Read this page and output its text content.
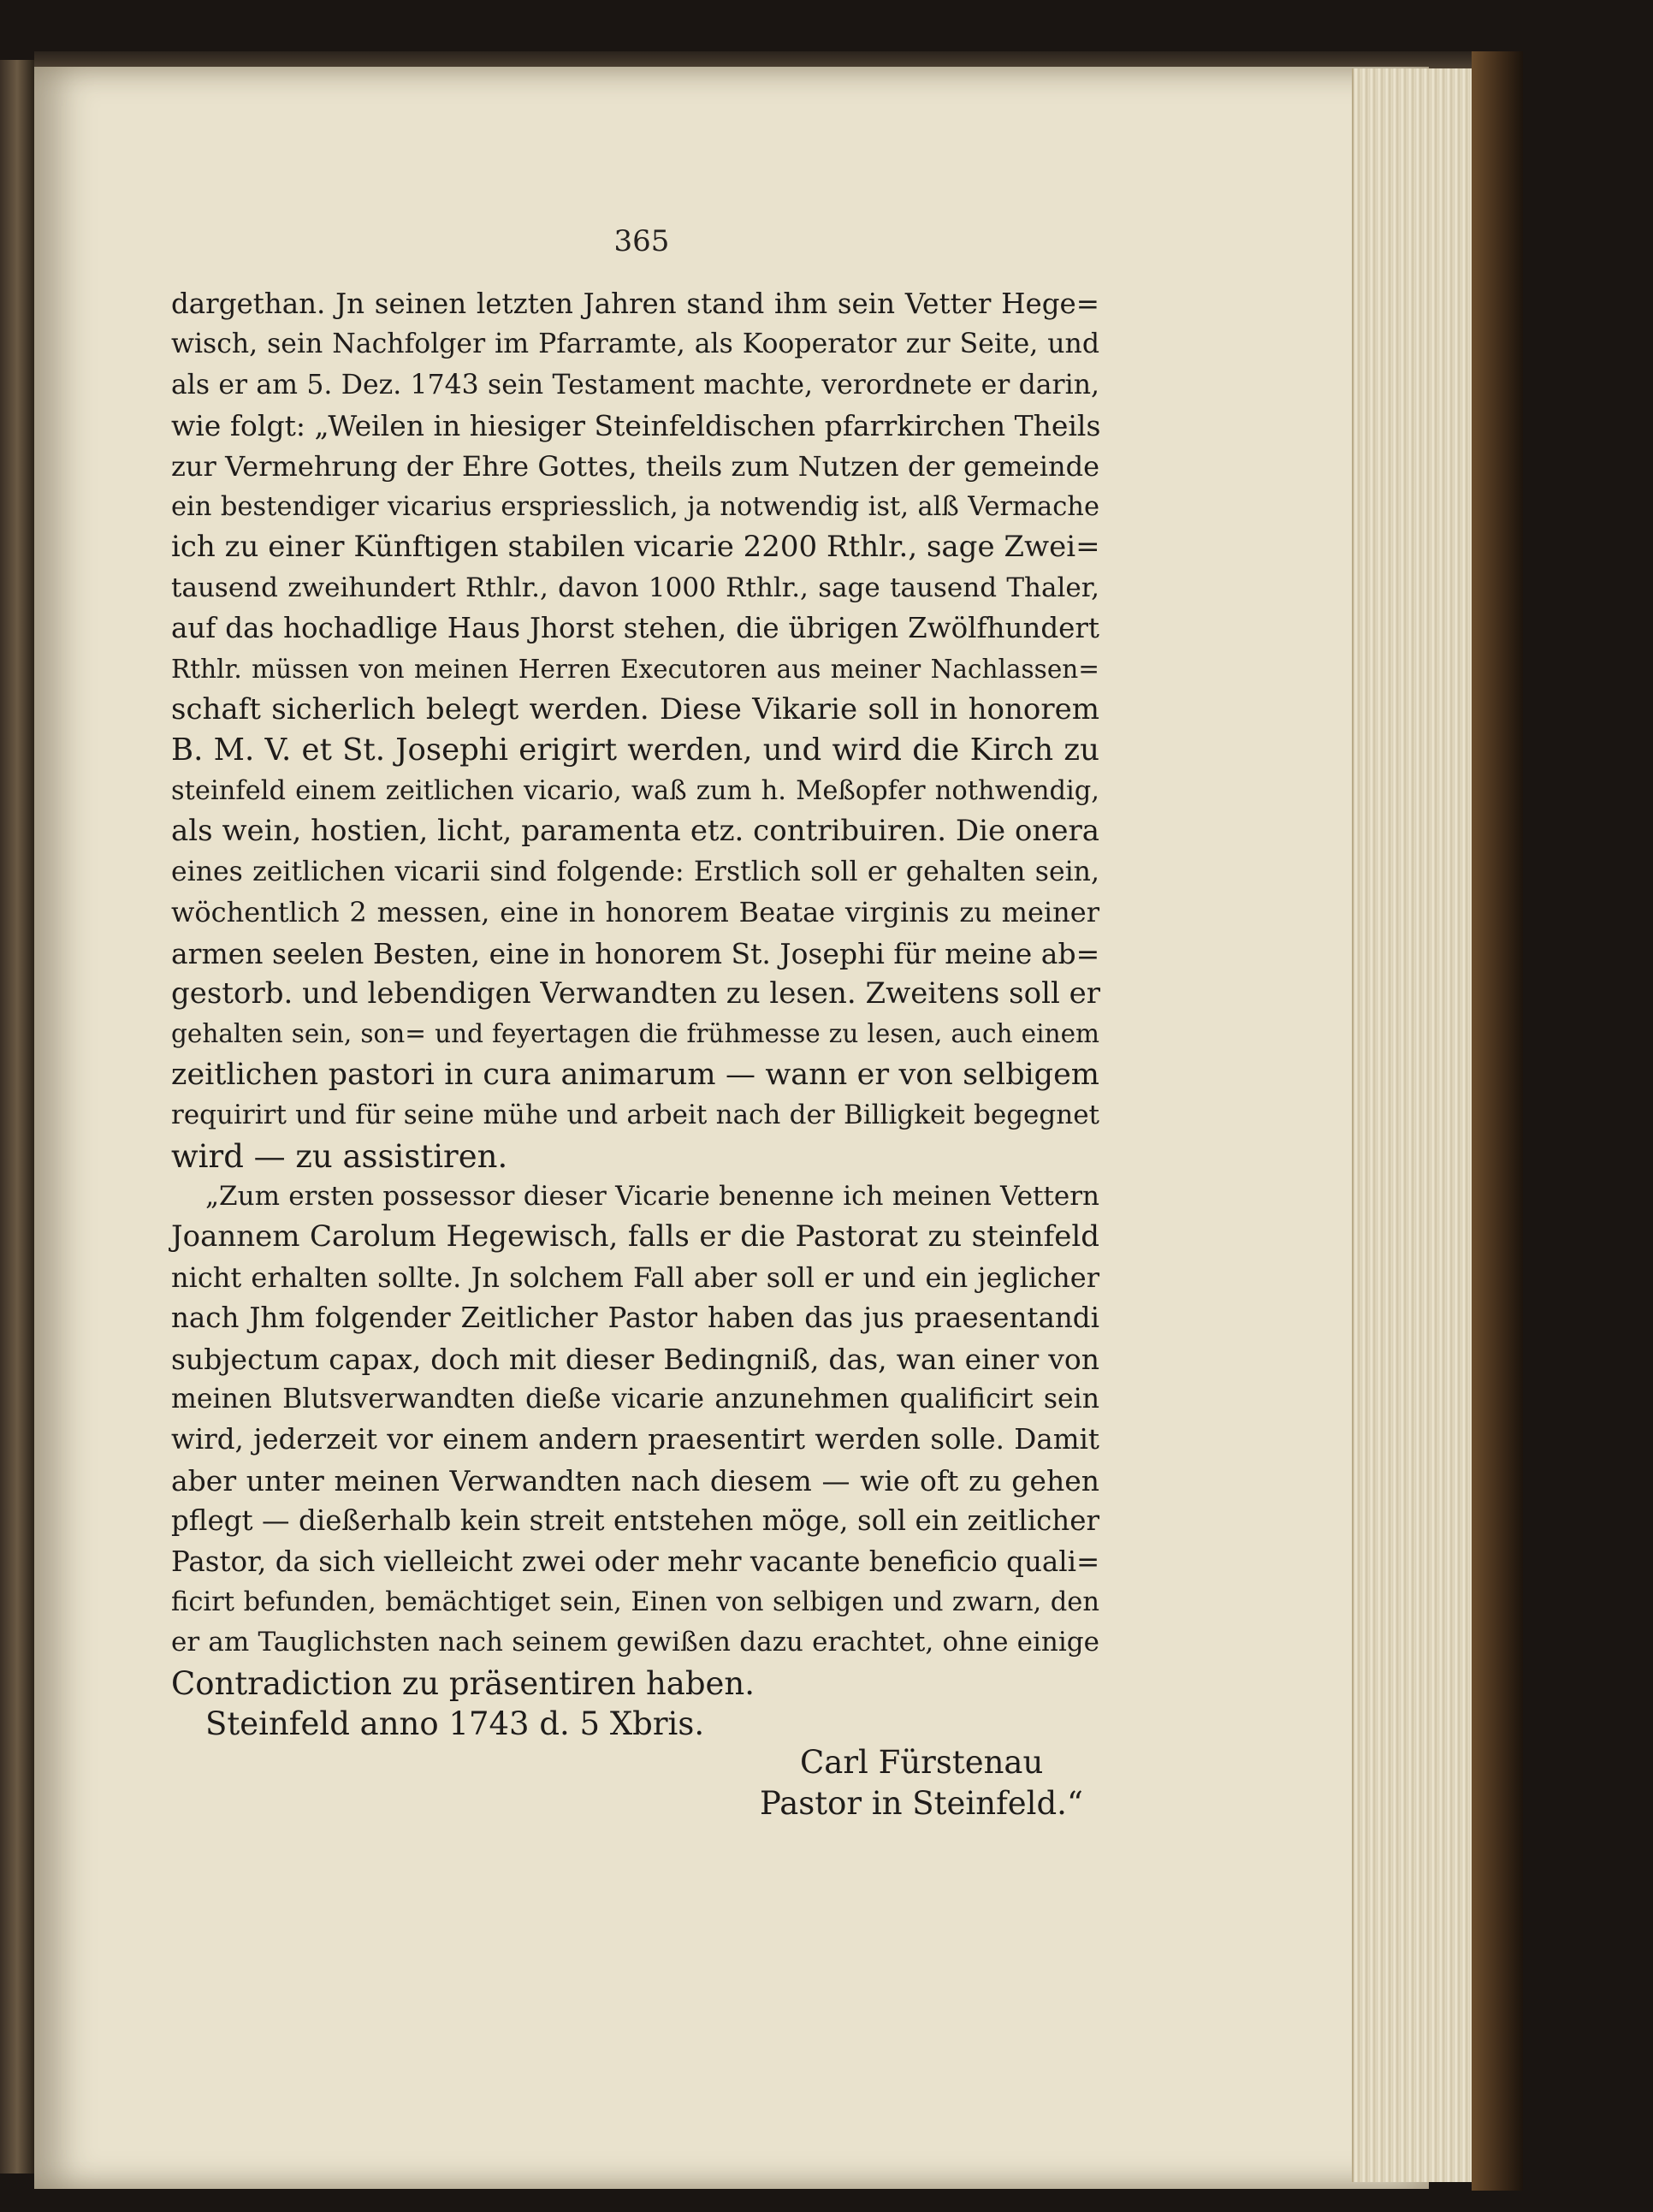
365
dargethan. Jn seinen letzten Jahren stand ihm sein Vetter Hege=
wisch, sein Nachfolger im Pfarramte, als Kooperator zur Seite, und
als er am 5. Dez. 1743 sein Testament machte, verordnete er darin,
wie folgt: „Weilen in hiesiger Steinfeldischen pfarrkirchen Theils
zur Vermehrung der Ehre Gottes, theils zum Nutzen der gemeinde
ein bestendiger vicarius erspriesslich, ja notwendig ist, alß Vermache
ich zu einer Künftigen stabilen vicarie 2200 Rthlr., sage Zwei=
tausend zweihundert Rthlr., davon 1000 Rthlr., sage tausend Thaler,
auf das hochadlige Haus Jhorst stehen, die übrigen Zwölfhundert
Rthlr. müssen von meinen Herren Executoren aus meiner Nachlassen=
schaft sicherlich belegt werden. Diese Vikarie soll in honorem
B. M. V. et St. Josephi erigirt werden, und wird die Kirch zu
steinfeld einem zeitlichen vicario, waß zum h. Meßopfer nothwendig,
als wein, hostien, licht, paramenta etz. contribuiren. Die onera
eines zeitlichen vicarii sind folgende: Erstlich soll er gehalten sein,
wöchentlich 2 messen, eine in honorem Beatae virginis zu meiner
armen seelen Besten, eine in honorem St. Josephi für meine ab=
gestorb. und lebendigen Verwandten zu lesen. Zweitens soll er
gehalten sein, son= und feyertagen die frühmesse zu lesen, auch einem
zeitlichen pastori in cura animarum — wann er von selbigem
requirirt und für seine mühe und arbeit nach der Billigkeit begegnet
wird — zu assistiren.
„Zum ersten possessor dieser Vicarie benenne ich meinen Vettern
Joannem Carolum Hegewisch, falls er die Pastorat zu steinfeld
nicht erhalten sollte. Jn solchem Fall aber soll er und ein jeglicher
nach Jhm folgender Zeitlicher Pastor haben das jus praesentandi
subjectum capax, doch mit dieser Bedingniß, das, wan einer von
meinen Blutsverwandten dieße vicarie anzunehmen qualificirt sein
wird, jederzeit vor einem andern praesentirt werden solle. Damit
aber unter meinen Verwandten nach diesem — wie oft zu gehen
pflegt — dießerhalb kein streit entstehen möge, soll ein zeitlicher
Pastor, da sich vielleicht zwei oder mehr vacante beneficio quali=
ficirt befunden, bemächtiget sein, Einen von selbigen und zwarn, den
er am Tauglichsten nach seinem gewißen dazu erachtet, ohne einige
Contradiction zu präsentiren haben.
Steinfeld anno 1743 d. 5 Xbris.
Carl Fürstenau
Pastor in Steinfeld.“
